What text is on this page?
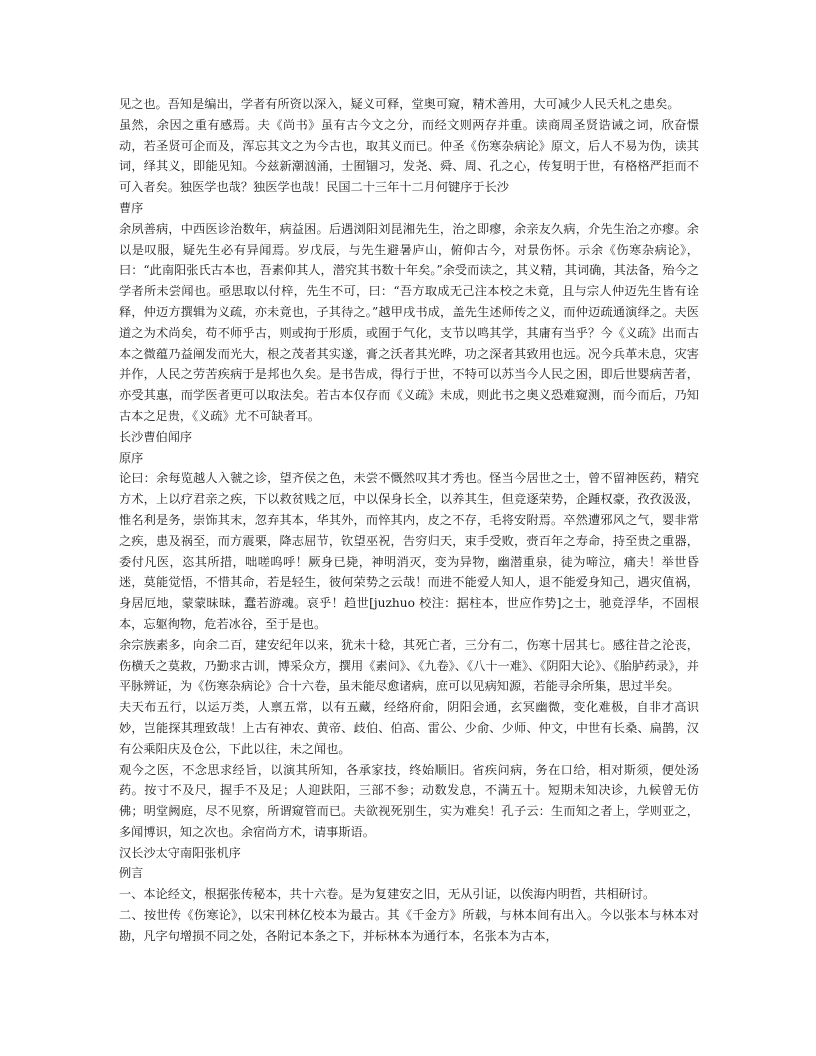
见之也。吾知是编出，学者有所资以深入，疑义可释，堂奥可窥，精术善用，大可减少人民夭札之患矣。

虽然，余因之重有感焉。夫《尚书》虽有古今文之分，而经文则两存并重。读商周圣贤诰诫之词，欣奋憬动，若圣贤可企而及，浑忘其文之为今古也，取其义而已。仲圣《伤寒杂病论》原文，后人不易为伪，读其词，绎其义，即能见知。今兹新潮汹涌，士囿锢习，发尧、舜、周、孔之心，传复明于世，有格格严拒而不可入者矣。独医学也哉？独医学也哉！民国二十三年十二月何键序于长沙

曹序

余夙善病，中西医诊治数年，病益困。后遇浏阳刘昆湘先生，治之即瘳，余亲友久病，介先生治之亦瘳。余以是叹服，疑先生必有异闻焉。岁戊辰，与先生避暑庐山，俯仰古今，对景伤怀。示余《伤寒杂病论》，曰：“此南阳张氏古本也，吾素仰其人，潜究其书数十年矣。”余受而读之，其义精，其词确，其法备，殆今之学者所未尝闻也。亟思取以付梓，先生不可，曰：“吾方取成无己注本校之未竟，且与宗人仲迈先生皆有诠释，仲迈方撰辑为义疏，亦未竟也，子其待之。”越甲戌书成，盖先生述师传之义，而仲迈疏通演绎之。夫医道之为术尚矣，苟不师乎古，则或拘于形质，或囿于气化，支节以鸣其学，其庸有当乎？今《义疏》出而古本之微蕴乃益阐发而光大，根之茂者其实遂，膏之沃者其光晔，功之深者其致用也远。况今兵革未息，灾害并作，人民之劳苦疾病于是邦也久矣。是书告成，得行于世，不特可以苏当今人民之困，即后世婴病苦者，亦受其惠，而学医者更可以取法矣。若古本仅存而《义疏》未成，则此书之奥义恐难窥测，而今而后，乃知古本之足贵，《义疏》尤不可缺者耳。

长沙曹伯闻序

原序

论曰：余每览越人入虢之诊，望齐侯之色，未尝不慨然叹其才秀也。怪当今居世之士，曾不留神医药，精究方术，上以疗君亲之疾，下以救贫贱之厄，中以保身长全，以养其生，但竞逐荣势，企踵权豪，孜孜汲汲，惟名利是务，崇饰其末，忽弃其本，华其外，而悴其内，皮之不存，毛将安附焉。卒然遭邪风之气，婴非常之疾，患及祸至，而方震栗，降志屈节，钦望巫祝，告穷归天，束手受败，赍百年之寿命，持至贵之重器，委付凡医，恣其所措，咄嗟呜呼！厥身已毙，神明消灭，变为异物，幽潜重泉，徒为啼泣，痛夫！举世昏迷，莫能觉悟，不惜其命，若是轻生，彼何荣势之云哉！而进不能爱人知人，退不能爱身知己，遇灾值祸，身居厄地，蒙蒙昧昧，蠢若游魂。哀乎！趋世[juzhuo 校注：据柱本，世应作势]之士，驰竞浮华，不固根本，忘躯徇物，危若冰谷，至于是也。

余宗族素多，向余二百，建安纪年以来，犹未十稔，其死亡者，三分有二，伤寒十居其七。感往昔之沦丧，伤横夭之莫救，乃勤求古训，博采众方，撰用《素问》、《九卷》、《八十一难》、《阴阳大论》、《胎胪药录》，并平脉辨证，为《伤寒杂病论》合十六卷，虽未能尽愈诸病，庶可以见病知源，若能寻余所集，思过半矣。

夫天布五行，以运万类，人禀五常，以有五藏，经络府俞，阴阳会通，玄冥幽微，变化难极，自非才高识妙，岂能探其理致哉！上古有神农、黄帝、歧伯、伯高、雷公、少俞、少师、仲文，中世有长桑、扁鹊，汉有公乘阳庆及仓公，下此以往，未之闻也。

观今之医，不念思求经旨，以演其所知，各承家技，终始顺旧。省疾问病，务在口给，相对斯须，便处汤药。按寸不及尺，握手不及足；人迎趺阳，三部不参；动数发息，不满五十。短期未知决诊，九候曾无仿佛；明堂阙庭，尽不见察，所谓窥管而已。夫欲视死别生，实为难矣！孔子云：生而知之者上，学则亚之，多闻博识，知之次也。余宿尚方术，请事斯语。

汉长沙太守南阳张机序

例言

一、本论经文，根据张传秘本，共十六卷。是为复建安之旧，无从引证，以俟海内明哲，共相研讨。

二、按世传《伤寒论》，以宋刊林亿校本为最古。其《千金方》所载，与林本间有出入。今以张本与林本对勘，凡字句增损不同之处，各附记本条之下，并标林本为通行本，名张本为古本，
